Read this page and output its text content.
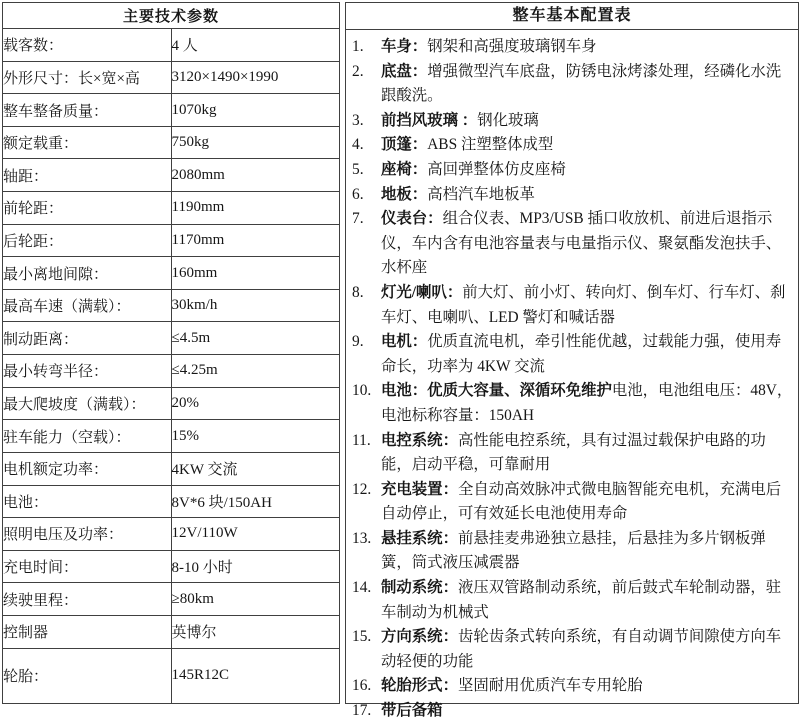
主要技术参数	
载客数：	4 人
外形尺寸：长×宽×高	3120×1490×1990
整车整备质量：	1070kg
额定载重：	750kg
轴距：	2080mm
前轮距：	1190mm
后轮距：	1170mm
最小离地间隙：	160mm
最高车速（满载）：	30km/h
制动距离：	≤4.5m
最小转弯半径：	≤4.25m
最大爬坡度（满载）：	20%
驻车能力（空载）：	15%
电机额定功率：	4KW 交流
电池：	8V*6 块/150AH
照明电压及功率：	12V/110W
充电时间：	8-10 小时
续驶里程：	≥80km
控制器	英博尔
轮胎：	145R12C
整车基本配置表
1.	车身：钢架和高强度玻璃钢车身
2.	底盘：增强微型汽车底盘，防锈电泳烤漆处理，经磷化水洗跟酸洗。
3.	前挡风玻璃 ：钢化玻璃
4.	顶篷：ABS 注塑整体成型
5.	座椅：高回弹整体仿皮座椅
6.	地板：高档汽车地板革
7.	仪表台：组合仪表、MP3/USB 插口收放机、前进后退指示仪，车内含有电池容量表与电量指示仪、聚氨酯发泡扶手、水杯座
8.	灯光/喇叭：前大灯、前小灯、转向灯、倒车灯、行车灯、刹车灯、电喇叭、LED 警灯和喊话器
9.	电机：优质直流电机，牵引性能优越，过载能力强，使用寿命长，功率为 4KW 交流
10. 电池：优质大容量、深循环免维护电池，电池组电压：48V，电池标称容量：150AH
11. 电控系统：高性能电控系统，具有过温过载保护电路的功能，启动平稳，可靠耐用
12. 充电装置：全自动高效脉冲式微电脑智能充电机，充满电后自动停止，可有效延长电池使用寿命
13. 悬挂系统：前悬挂麦弗逊独立悬挂，后悬挂为多片钢板弹簧，筒式液压减震器
14. 制动系统：液压双管路制动系统，前后鼓式车轮制动器，驻车制动为机械式
15. 方向系统：齿轮齿条式转向系统，有自动调节间隙使方向车动轻便的功能
16. 轮胎形式：坚固耐用优质汽车专用轮胎
17. 带后备箱
